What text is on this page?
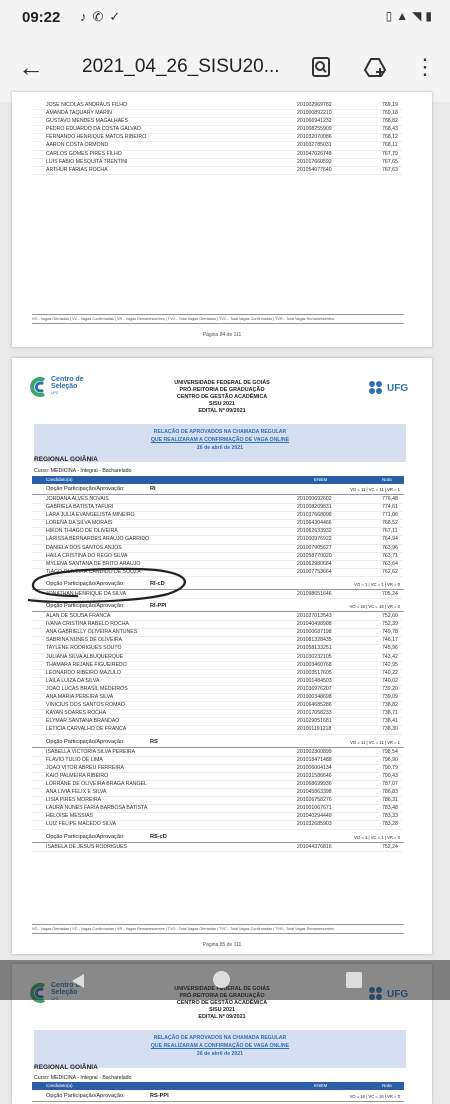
09:22 ♪✆✓	▯▲◥▮
← 2021_04_26_SISU20...	⋮
JOSE NICOLAS ANDRAUS FILHO	201002969782	769,19
AMANDA TAQUARY MARIN	201000892210	769,18
GUSTAVO MENDES MAGALHAES	201066941232	768,82
PEDRO EDUARDO DA COSTA GALVAO	201008255909	768,43
FERNANDO HENRIQUE MATOS RIBEIRO	201032070086	768,12
AARON COSTA ORMOND	201032785031	768,11
CARLOS GOMES PIRES FILHO	201047026748	767,79
LUIS FABIO MESQUITA TRENTINI	201017660592	767,65
ARTHUR FARIAS ROCHA	201054077640	767,63
VO - Vagas Ofertadas | VC - Vagas Confirmadas | VR - Vagas Remanescentes | TVO - Total Vagas Ofertadas | TVC - Total Vagas Confirmadas | TVR - Total Vagas Remanescentes
Página 84 de 111
Centro de
Seleção
UFG
UNIVERSIDADE FEDERAL DE GOIÁS
PRÓ-REITORIA DE GRADUAÇÃO
CENTRO DE GESTÃO ACADÊMICA
SISU 2021
EDITAL Nº 09/2021
UFG
RELAÇÃO DE APROVADOS NA CHAMADA REGULAR
QUE REALIZARAM A CONFIRMAÇÃO DE VAGA ONLINE
26 de abril de 2021
REGIONAL GOIÂNIA
Curso: MEDICINA - Integral - Bacharelado
Candidato(a)	ENEM	Nota
Opção Participação/Aprovação:	RI	VO = 11 | VC = 11 | VR = 1
JORDANA ALVES NOVAIS	201000692602	776,48
GABRIELA BATISTA TAFURI	201008209831	774,61
LARA JULIA EVANGELISTA MINEIRO	201037668098	771,06
LORENA DA SILVA MORAIS	201064304466	768,52
HIKON THIAGO DE OLIVEIRA	201062633932	767,11
LARISSA BERNARDES ARAUJO GARRIDO	201000976922	764,94
DANIELA DOS SANTOS ANJOS	201007905627	763,96
HAILA CRISTINA DO REGO SILVA	201058770020	763,71
MYLENA SANTANA DE BRITO ARAUJO	201062980684	763,64
TIAGO OLIVEIRA CANDIDO DE SOUZA	201007753664	762,62
Opção Participação/Aprovação:	RI-cD	VO = 1 | VC = 1 | VR = 0
JONATHAN HENRIQUE DA SILVA	201098651646	705,24
Opção Participação/Aprovação:	RI-PPI	VO = 16 | VC = 16 | VR = 0
ALAN DE SOUSA FRANCA	201027013543	752,60
IVANA CRISTINA RABELO ROCHA	201040498908	752,39
ANA GABRIELLY OLIVEIRA ANTUNES	201000687198	749,78
SABRINA NUNES DE OLIVEIRA	201081328435	746,17
TAYLENE RODRIGUES SOUTO	201058133251	745,96
JULIANA SILVA ALBUQUERQUE	201030232105	743,42
THAMARA REJANE FIGUEIREDO	201003460768	742,95
LEONARDO RIBEIRO MAZULO	201003517605	740,22
LAILA LUIZA DA SILVA	201001484503	740,02
JOAO LUCAS BRASIL MEDEIROS	201036976207	739,20
ANA MARIA PEREIRA SILVA	201000348698	739,09
VINICIUS DOS SANTOS ROMAO	201064685286	738,82
KAYAN SOARES ROCHA	201017058233	738,71
ELYMAR SANTANA BRANDAO	201029051681	738,41
LETICIA CARVALHO DE FRANCA	201001191218	738,30
Opção Participação/Aprovação:	RS	VO = 11 | VC = 11 | VR = 1
ISABELLA VICTORIA SILVA PEREIRA	201002300899	798,54
FLAVIO TULIO DE LIMA	201018471488	796,90
JOAO VITOR ABREU FERREIRA	201006004134	790,79
KAIO PALMEIRA RIBEIRO	201031586646	790,43
LORRANE DE OLIVEIRA BRAGA RANGEL	201068699936	787,07
ANA LIVIA FELIX E SILVA	201045863398	786,83
LISIA PIRES MOREIRA	201026758276	786,31
LAURA NUNES FARIA BARBOSA BATISTA	201001067671	783,48
HELOISE MESSIAS	201040294449	783,33
LUIZ FELIPE MACEDO SILVA	201032685903	783,28
Opção Participação/Aprovação:	RS-cD	VO = 1 | VC = 1 | VR = 0
ISABELA DE JESUS RODRIGUES	201044376816	752,24
VO - Vagas Ofertadas | VC - Vagas Confirmadas | VR - Vagas Remanescentes | TVO - Total Vagas Ofertadas | TVC - Total Vagas Confirmadas | TVR - Total Vagas Remanescentes
Página 85 de 111
CENTRO DE GESTÃO ACADÊMICA
SISU 2021
EDITAL Nº 09/2021
RELAÇÃO DE APROVADOS NA CHAMADA REGULAR
QUE REALIZARAM A CONFIRMAÇÃO DE VAGA ONLINE
26 de abril de 2021
REGIONAL GOIÂNIA
Curso: MEDICINA - Integral - Bacharelado
Candidato(a)	ENEM	Nota
Opção Participação/Aprovação:	RS-PPI	VO = 16 | VC = 16 | VR = 0
